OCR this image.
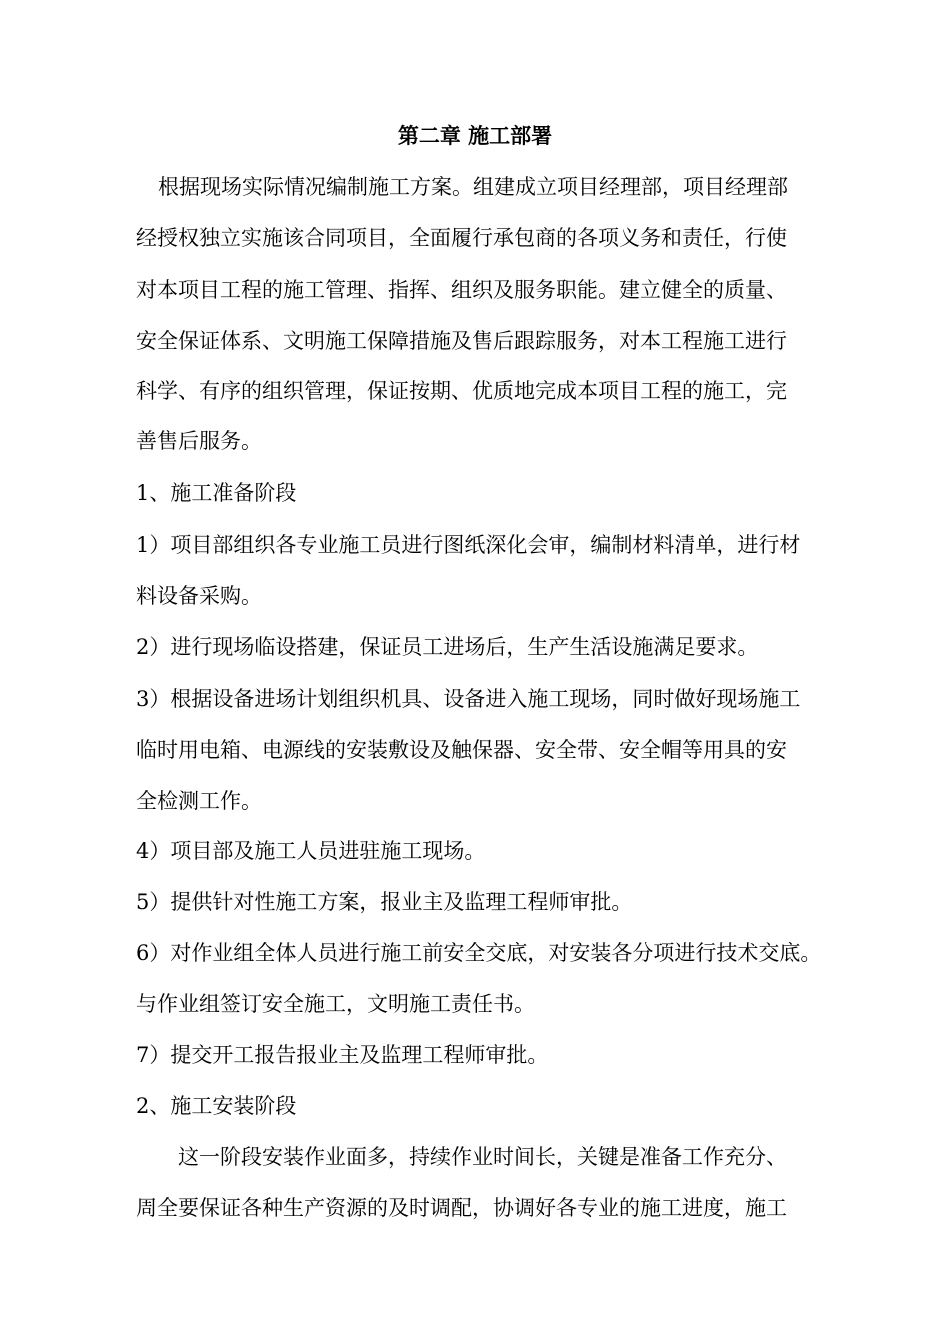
第二章 施工部署
根据现场实际情况编制施工方案。组建成立项目经理部，项目经理部
经授权独立实施该合同项目，全面履行承包商的各项义务和责任，行使
对本项目工程的施工管理、指挥、组织及服务职能。建立健全的质量、
安全保证体系、文明施工保障措施及售后跟踪服务，对本工程施工进行
科学、有序的组织管理，保证按期、优质地完成本项目工程的施工，完
善售后服务。
1、施工准备阶段
1）项目部组织各专业施工员进行图纸深化会审，编制材料清单，进行材
料设备采购。
2）进行现场临设搭建，保证员工进场后，生产生活设施满足要求。
3）根据设备进场计划组织机具、设备进入施工现场，同时做好现场施工
临时用电箱、电源线的安装敷设及触保器、安全带、安全帽等用具的安
全检测工作。
4）项目部及施工人员进驻施工现场。
5）提供针对性施工方案，报业主及监理工程师审批。
6）对作业组全体人员进行施工前安全交底，对安装各分项进行技术交底。
与作业组签订安全施工，文明施工责任书。
7）提交开工报告报业主及监理工程师审批。
2、施工安装阶段
这一阶段安装作业面多，持续作业时间长，关键是准备工作充分、
周全要保证各种生产资源的及时调配，协调好各专业的施工进度，施工
